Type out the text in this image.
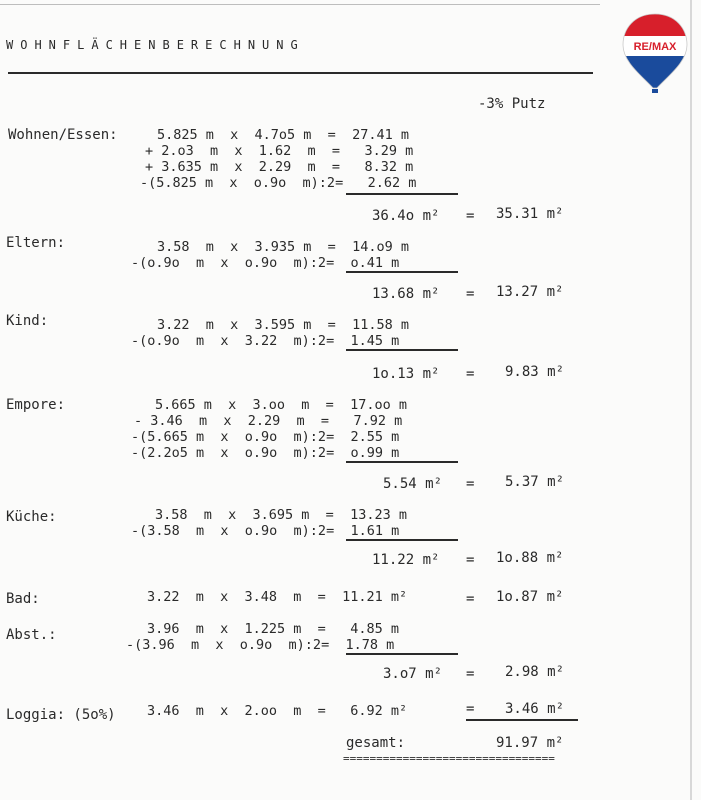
RE/MAX
WOHNFLÄCHENBERECHNUNG
-3% Putz
Wohnen/Essen:	5.825 m  x  4.7o5 m  =  27.41 m
+ 2.o3  m  x  1.62  m  =   3.29 m
+ 3.635 m  x  2.29  m  =   8.32 m
-(5.825 m  x  o.9o  m):2=   2.62 m
36.4o m² = 35.31 m²
Eltern:	3.58  m  x  3.935 m  =  14.o9 m
-(o.9o  m  x  o.9o  m):2=  o.41 m
13.68 m² = 13.27 m²
Kind:	3.22  m  x  3.595 m  =  11.58 m
-(o.9o  m  x  3.22  m):2=  1.45 m
1o.13 m² = 9.83 m²
Empore:	5.665 m  x  3.oo  m  =  17.oo m
- 3.46  m  x  2.29  m  =   7.92 m
-(5.665 m  x  o.9o  m):2=  2.55 m
-(2.2o5 m  x  o.9o  m):2=  o.99 m
5.54 m² = 5.37 m²
Küche:	3.58  m  x  3.695 m  =  13.23 m
-(3.58  m  x  o.9o  m):2=  1.61 m
11.22 m² = 1o.88 m²
Bad:	3.22  m  x  3.48  m  =  11.21 m²	= 1o.87 m²
Abst.:	3.96  m  x  1.225 m  =   4.85 m
-(3.96  m  x  o.9o  m):2=  1.78 m
3.o7 m² = 2.98 m²
Loggia: (5o%) 3.46  m  x  2.oo  m  =   6.92 m²	= 3.46 m²
gesamt:	91.97 m²
================================
